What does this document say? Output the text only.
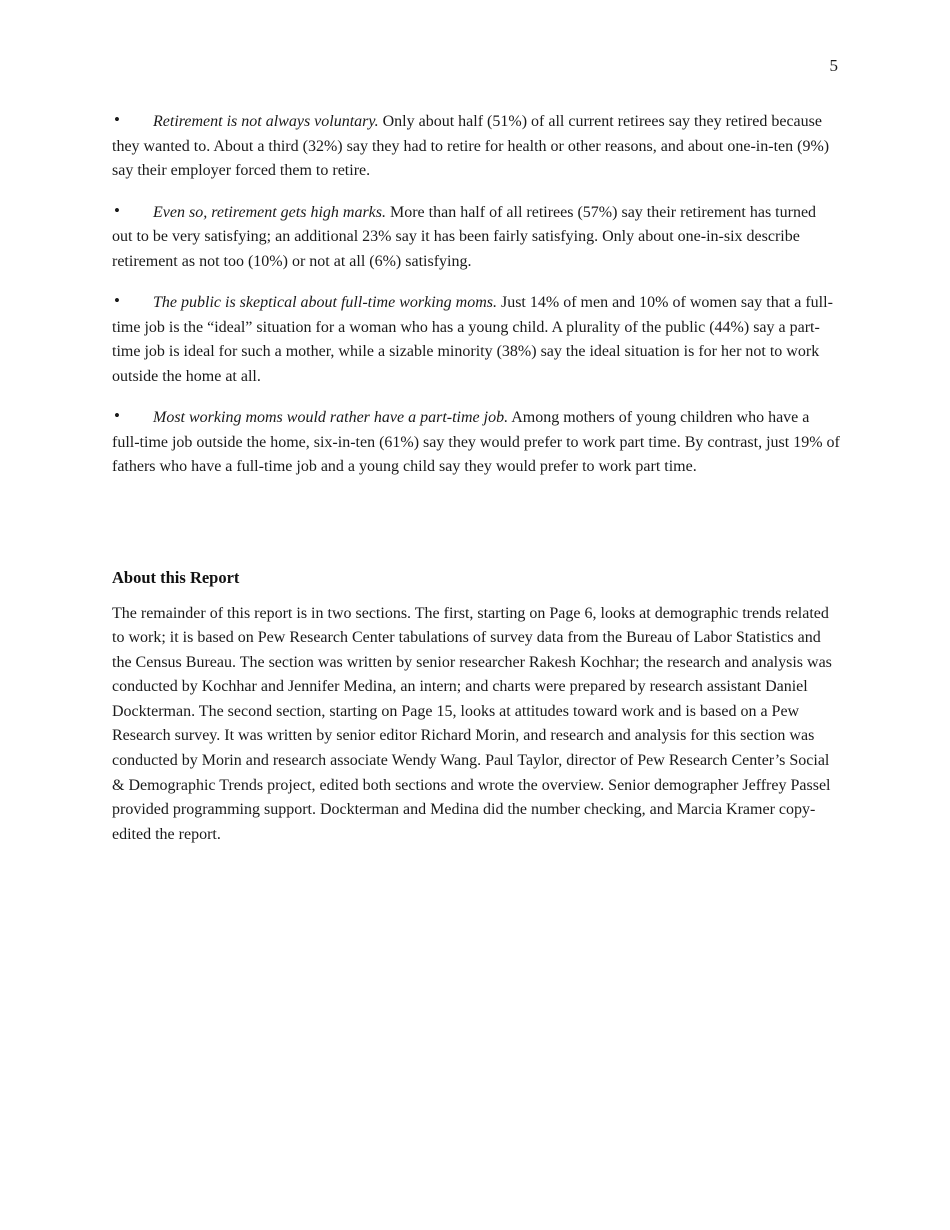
5

• Retirement is not always voluntary. Only about half (51%) of all current retirees say they retired because they wanted to. About a third (32%) say they had to retire for health or other reasons, and about one-in-ten (9%) say their employer forced them to retire.

• Even so, retirement gets high marks. More than half of all retirees (57%) say their retirement has turned out to be very satisfying; an additional 23% say it has been fairly satisfying. Only about one-in-six describe retirement as not too (10%) or not at all (6%) satisfying.

• The public is skeptical about full-time working moms. Just 14% of men and 10% of women say that a full-time job is the “ideal” situation for a woman who has a young child. A plurality of the public (44%) say a part-time job is ideal for such a mother, while a sizable minority (38%) say the ideal situation is for her not to work outside the home at all.

• Most working moms would rather have a part-time job. Among mothers of young children who have a full-time job outside the home, six-in-ten (61%) say they would prefer to work part time. By contrast, just 19% of fathers who have a full-time job and a young child say they would prefer to work part time.

About this Report

The remainder of this report is in two sections. The first, starting on Page 6, looks at demographic trends related to work; it is based on Pew Research Center tabulations of survey data from the Bureau of Labor Statistics and the Census Bureau. The section was written by senior researcher Rakesh Kochhar; the research and analysis was conducted by Kochhar and Jennifer Medina, an intern; and charts were prepared by research assistant Daniel Dockterman. The second section, starting on Page 15, looks at attitudes toward work and is based on a Pew Research survey. It was written by senior editor Richard Morin, and research and analysis for this section was conducted by Morin and research associate Wendy Wang. Paul Taylor, director of Pew Research Center’s Social & Demographic Trends project, edited both sections and wrote the overview. Senior demographer Jeffrey Passel provided programming support. Dockterman and Medina did the number checking, and Marcia Kramer copy-edited the report.
